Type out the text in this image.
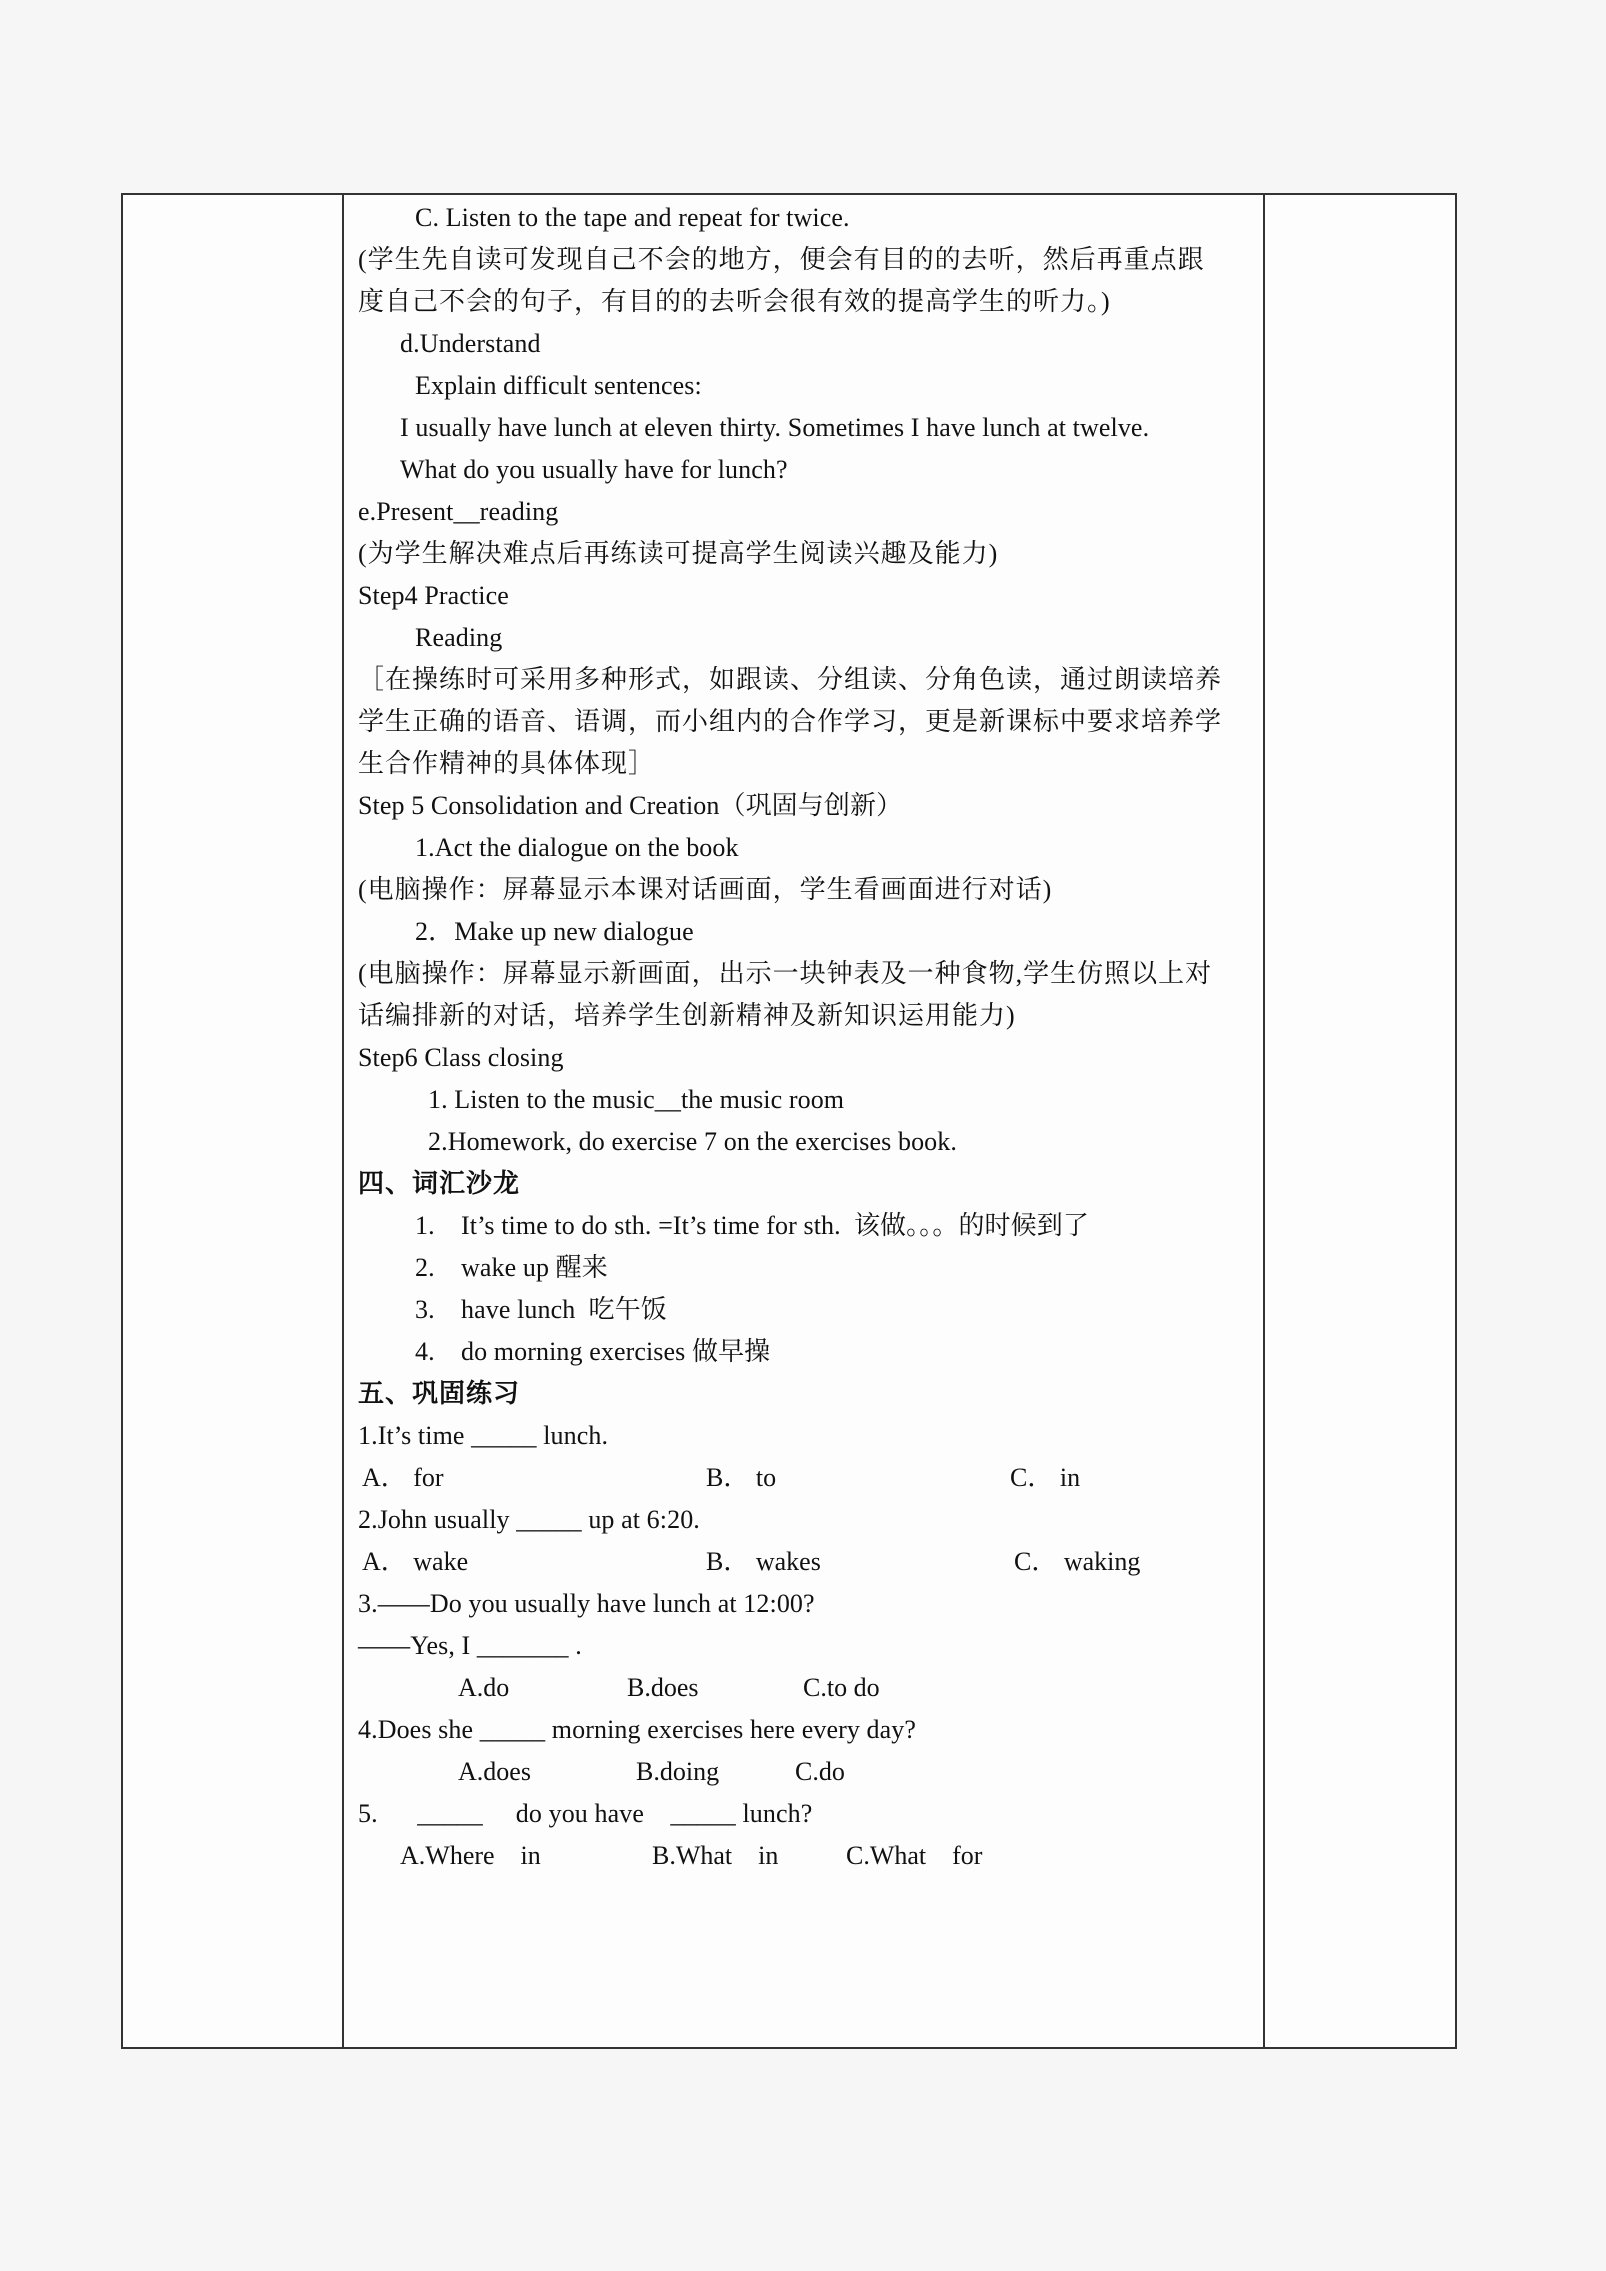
C. Listen to the tape and repeat for twice.
(学生先自读可发现自己不会的地方，便会有目的的去听，然后再重点跟
度自己不会的句子，有目的的去听会很有效的提高学生的听力。)
d.Understand
Explain difficult sentences:
I usually have lunch at eleven thirty. Sometimes I have lunch at twelve.
What do you usually have for lunch?
e.Present__reading
(为学生解决难点后再练读可提高学生阅读兴趣及能力)
Step4 Practice
Reading
［在操练时可采用多种形式，如跟读、分组读、分角色读，通过朗读培养
学生正确的语音、语调，而小组内的合作学习，更是新课标中要求培养学
生合作精神的具体体现］
Step 5 Consolidation and Creation（巩固与创新）
1.Act the dialogue on the book
(电脑操作：屏幕显示本课对话画面，学生看画面进行对话)
2．Make up new dialogue
(电脑操作：屏幕显示新画面，出示一块钟表及一种食物,学生仿照以上对
话编排新的对话，培养学生创新精神及新知识运用能力)
Step6 Class closing
1. Listen to the music__the music room
2.Homework, do exercise 7 on the exercises book.
四、词汇沙龙
1. It’s time to do sth. =It’s time for sth.  该做。。。的时候到了
2. wake up 醒来
3. have lunch  吃午饭
4. do morning exercises 做早操
五、巩固练习
1.It’s time _____ lunch.
A． for	B． to	C． in
2.John usually _____ up at 6:20.
A． wake	B． wakes	C． waking
3.——Do you usually have lunch at 12:00?
——Yes, I _______ .
A.do	B.does	C.to do
4.Does she _____ morning exercises here every day?
A.does	B.doing	C.do
5.      _____     do you have    _____ lunch?
A.Where    in	B.What    in	C.What    for
